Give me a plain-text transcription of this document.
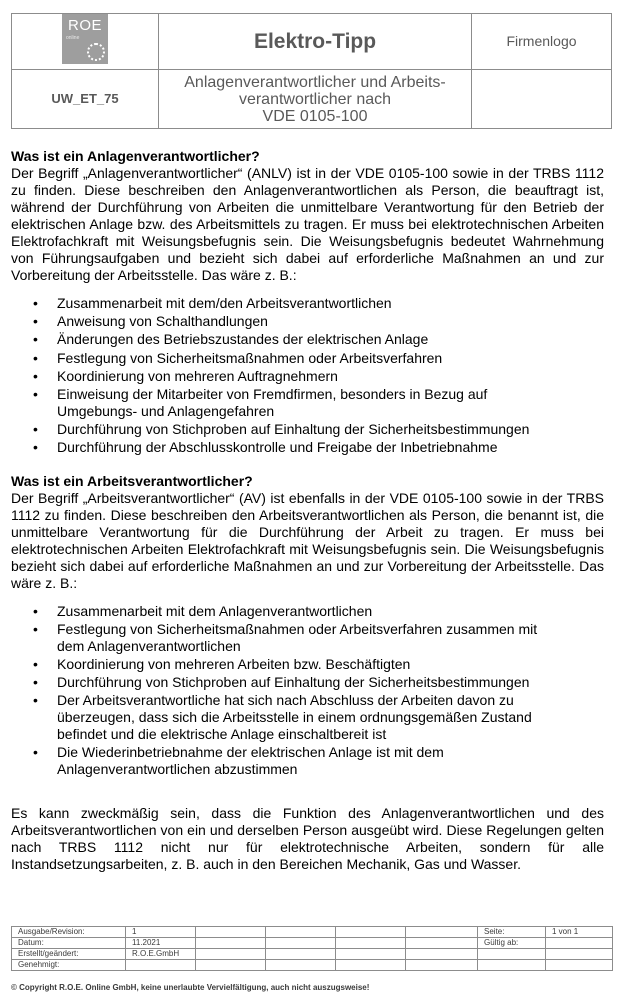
ROE
online	Elektro-Tipp	Firmenlogo
UW_ET_75	Anlagenverantwortlicher und Arbeits-
verantwortlicher nach
VDE 0105-100	

Was ist ein Anlagenverantwortlicher?

Der Begriff „Anlagenverantwortlicher“ (ANLV) ist in der VDE 0105-100 sowie in der TRBS 1112 zu finden. Diese beschreiben den Anlagenverantwortlichen als Person, die beauftragt ist, während der Durchführung von Arbeiten die unmittelbare Verantwortung für den Betrieb der elektrischen Anlage bzw. des Arbeitsmittels zu tragen. Er muss bei elektrotechnischen Arbeiten Elektrofachkraft mit Weisungsbefugnis sein. Die Weisungsbefugnis bedeutet Wahrnehmung von Führungsaufgaben und bezieht sich dabei auf erforderliche Maßnahmen an und zur Vorbereitung der Arbeitsstelle. Das wäre z. B.:

• Zusammenarbeit mit dem/den Arbeitsverantwortlichen
• Anweisung von Schalthandlungen
• Änderungen des Betriebszustandes der elektrischen Anlage
• Festlegung von Sicherheitsmaßnahmen oder Arbeitsverfahren
• Koordinierung von mehreren Auftragnehmern
• Einweisung der Mitarbeiter von Fremdfirmen, besonders in Bezug auf Umgebungs- und Anlagengefahren
• Durchführung von Stichproben auf Einhaltung der Sicherheitsbestimmungen
• Durchführung der Abschlusskontrolle und Freigabe der Inbetriebnahme
Was ist ein Arbeitsverantwortlicher?

Der Begriff „Arbeitsverantwortlicher“ (AV) ist ebenfalls in der VDE 0105-100 sowie in der TRBS 1112 zu finden. Diese beschreiben den Arbeitsverantwortlichen als Person, die benannt ist, die unmittelbare Verantwortung für die Durchführung der Arbeit zu tragen. Er muss bei elektrotechnischen Arbeiten Elektrofachkraft mit Weisungsbefugnis sein. Die Weisungsbefugnis bezieht sich dabei auf erforderliche Maßnahmen an und zur Vorbereitung der Arbeitsstelle. Das wäre z. B.:

• Zusammenarbeit mit dem Anlagenverantwortlichen
• Festlegung von Sicherheitsmaßnahmen oder Arbeitsverfahren zusammen mit dem Anlagenverantwortlichen
• Koordinierung von mehreren Arbeiten bzw. Beschäftigten
• Durchführung von Stichproben auf Einhaltung der Sicherheitsbestimmungen
• Der Arbeitsverantwortliche hat sich nach Abschluss der Arbeiten davon zu überzeugen, dass sich die Arbeitsstelle in einem ordnungsgemäßen Zustand befindet und die elektrische Anlage einschaltbereit ist
• Die Wiederinbetriebnahme der elektrischen Anlage ist mit dem Anlagenverantwortlichen abzustimmen

Es kann zweckmäßig sein, dass die Funktion des Anlagenverantwortlichen und des Arbeitsverantwortlichen von ein und derselben Person ausgeübt wird. Diese Regelungen gelten nach TRBS 1112 nicht nur für elektrotechnische Arbeiten, sondern für alle Instandsetzungsarbeiten, z. B. auch in den Bereichen Mechanik, Gas und Wasser.

Ausgabe/Revision:	1					Seite:	1 von 1
Datum:	11.2021					Gültig ab:	
Erstellt/geändert:	R.O.E.GmbH						
Genehmigt:							
© Copyright R.O.E. Online GmbH, keine unerlaubte Vervielfältigung, auch nicht auszugsweise!
